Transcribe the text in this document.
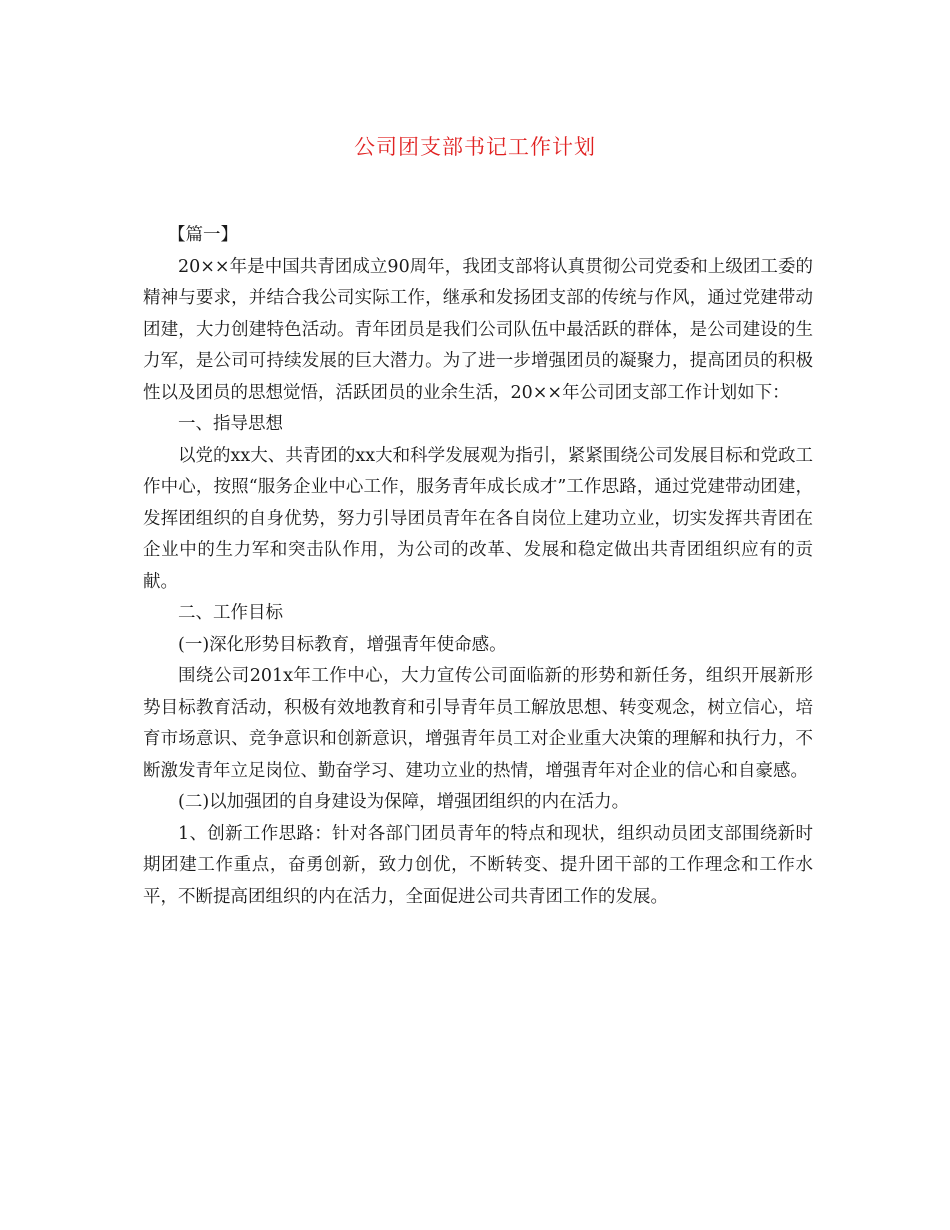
公司团支部书记工作计划

【篇一】

20××年是中国共青团成立90周年，我团支部将认真贯彻公司党委和上级团工委的精神与要求，并结合我公司实际工作，继承和发扬团支部的传统与作风，通过党建带动团建，大力创建特色活动。青年团员是我们公司队伍中最活跃的群体，是公司建设的生力军，是公司可持续发展的巨大潜力。为了进一步增强团员的凝聚力，提高团员的积极性以及团员的思想觉悟，活跃团员的业余生活，20××年公司团支部工作计划如下：

一、指导思想

以党的xx大、共青团的xx大和科学发展观为指引，紧紧围绕公司发展目标和党政工作中心，按照“服务企业中心工作，服务青年成长成才”工作思路，通过党建带动团建，发挥团组织的自身优势，努力引导团员青年在各自岗位上建功立业，切实发挥共青团在企业中的生力军和突击队作用，为公司的改革、发展和稳定做出共青团组织应有的贡献。

二、工作目标

(一)深化形势目标教育，增强青年使命感。

围绕公司201x年工作中心，大力宣传公司面临新的形势和新任务，组织开展新形势目标教育活动，积极有效地教育和引导青年员工解放思想、转变观念，树立信心，培育市场意识、竞争意识和创新意识，增强青年员工对企业重大决策的理解和执行力，不断激发青年立足岗位、勤奋学习、建功立业的热情，增强青年对企业的信心和自豪感。

(二)以加强团的自身建设为保障，增强团组织的内在活力。

1、创新工作思路：针对各部门团员青年的特点和现状，组织动员团支部围绕新时期团建工作重点，奋勇创新，致力创优，不断转变、提升团干部的工作理念和工作水平，不断提高团组织的内在活力，全面促进公司共青团工作的发展。
